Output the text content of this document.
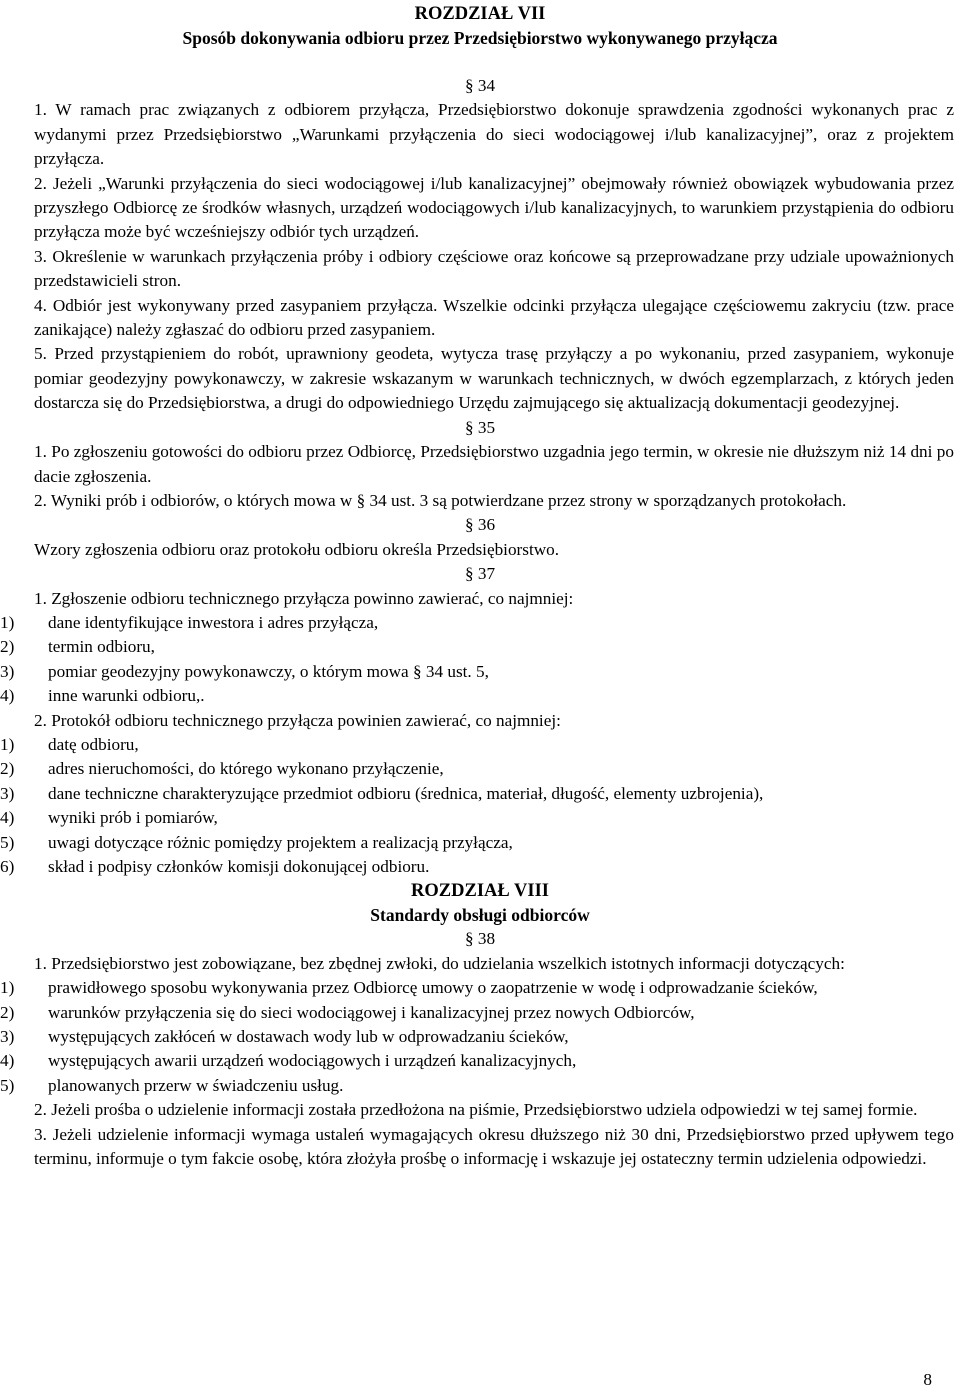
ROZDZIAŁ VII
Sposób dokonywania odbioru przez Przedsiębiorstwo wykonywanego przyłącza
§ 34
1. W ramach prac związanych z odbiorem przyłącza, Przedsiębiorstwo dokonuje sprawdzenia zgodności wykonanych prac z wydanymi przez Przedsiębiorstwo „Warunkami przyłączenia do sieci wodociągowej i/lub kanalizacyjnej”, oraz z projektem przyłącza.
2. Jeżeli „Warunki przyłączenia do sieci wodociągowej i/lub kanalizacyjnej” obejmowały również obowiązek wybudowania przez przyszłego Odbiorcę ze środków własnych, urządzeń wodociągowych i/lub kanalizacyjnych, to warunkiem przystąpienia do odbioru przyłącza może być wcześniejszy odbiór tych urządzeń.
3. Określenie w warunkach przyłączenia próby i odbiory częściowe oraz końcowe są przeprowadzane przy udziale upoważnionych przedstawicieli stron.
4. Odbiór jest wykonywany przed zasypaniem przyłącza. Wszelkie odcinki przyłącza ulegające częściowemu zakryciu (tzw. prace zanikające) należy zgłaszać do odbioru przed zasypaniem.
5. Przed przystąpieniem do robót, uprawniony geodeta, wytycza trasę przyłączy a po wykonaniu, przed zasypaniem, wykonuje pomiar geodezyjny powykonawczy, w zakresie wskazanym w warunkach technicznych, w dwóch egzemplarzach, z których jeden dostarcza się do Przedsiębiorstwa, a drugi do odpowiedniego Urzędu zajmującego się aktualizacją dokumentacji geodezyjnej.
§ 35
1. Po zgłoszeniu gotowości do odbioru przez Odbiorcę, Przedsiębiorstwo uzgadnia jego termin, w okresie nie dłuższym niż 14 dni po dacie zgłoszenia.
2. Wyniki prób i odbiorów, o których mowa w § 34 ust. 3 są potwierdzane przez strony w sporządzanych protokołach.
§ 36
Wzory zgłoszenia odbioru oraz protokołu odbioru określa Przedsiębiorstwo.
§ 37
1. Zgłoszenie odbioru technicznego przyłącza powinno zawierać, co najmniej:
1) dane identyfikujące inwestora i adres przyłącza,
2) termin odbioru,
3) pomiar geodezyjny powykonawczy, o którym mowa § 34 ust. 5,
4) inne warunki odbioru,.
2. Protokół odbioru technicznego przyłącza powinien zawierać, co najmniej:
1) datę odbioru,
2) adres nieruchomości, do którego wykonano przyłączenie,
3) dane techniczne charakteryzujące przedmiot odbioru (średnica, materiał, długość, elementy uzbrojenia),
4) wyniki prób i pomiarów,
5) uwagi dotyczące różnic pomiędzy projektem a realizacją przyłącza,
6) skład i podpisy członków komisji dokonującej odbioru.
ROZDZIAŁ VIII
Standardy obsługi odbiorców
§ 38
1. Przedsiębiorstwo jest zobowiązane, bez zbędnej zwłoki, do udzielania wszelkich istotnych informacji dotyczących:
1) prawidłowego sposobu wykonywania przez Odbiorcę umowy o zaopatrzenie w wodę i odprowadzanie ścieków,
2) warunków przyłączenia się do sieci wodociągowej i kanalizacyjnej przez nowych Odbiorców,
3) występujących zakłóceń w dostawach wody lub w odprowadzaniu ścieków,
4) występujących awarii urządzeń wodociągowych i urządzeń kanalizacyjnych,
5) planowanych przerw w świadczeniu usług.
2. Jeżeli prośba o udzielenie informacji została przedłożona na piśmie, Przedsiębiorstwo udziela odpowiedzi w tej samej formie.
3. Jeżeli udzielenie informacji wymaga ustaleń wymagających okresu dłuższego niż 30 dni, Przedsiębiorstwo przed upływem tego terminu, informuje o tym fakcie osobę, która złożyła prośbę o informację i wskazuje jej ostateczny termin udzielenia odpowiedzi.
8
